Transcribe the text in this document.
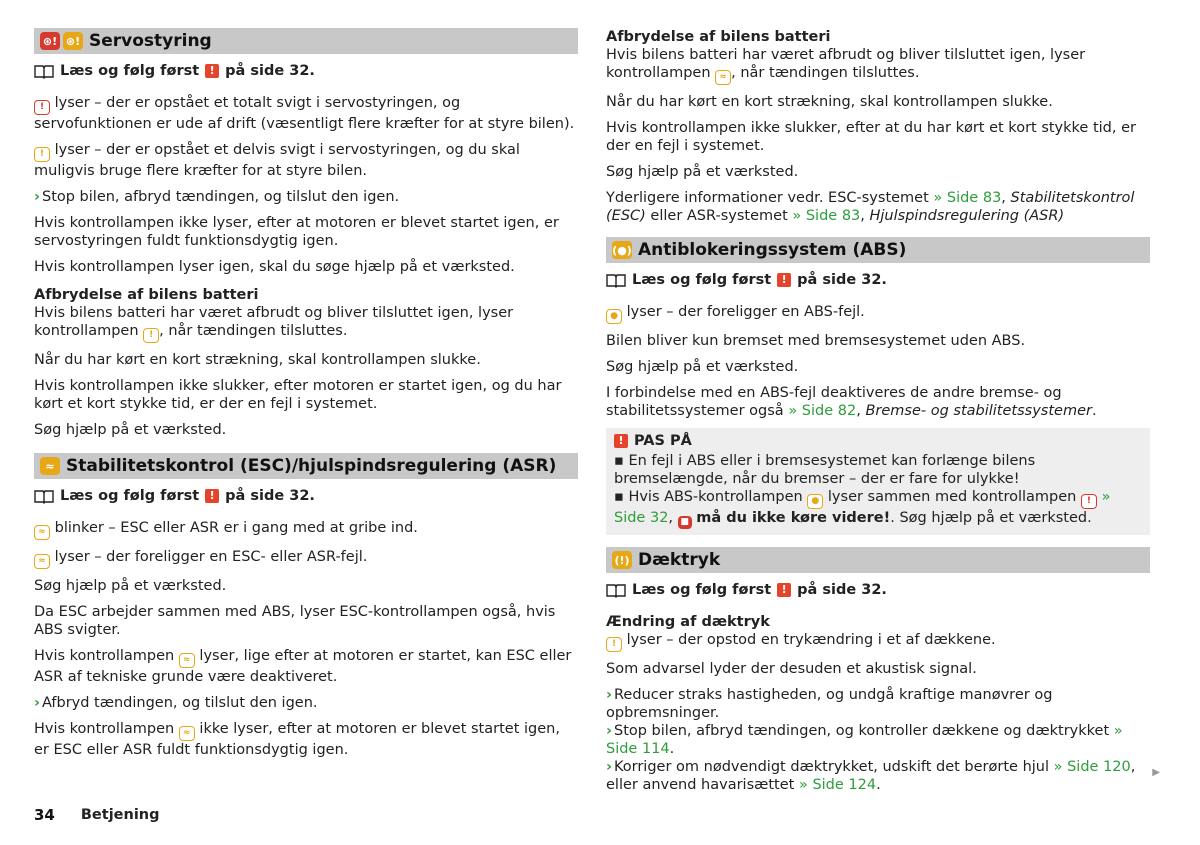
⊛! ⊛! Servostyring
Læs og følg først ! på side 32.

! lyser – der er opstået et totalt svigt i servostyringen, og servofunktionen er ude af drift (væsentligt flere kræfter for at styre bilen).

! lyser – der er opstået et delvis svigt i servostyringen, og du skal muligvis bruge flere kræfter for at styre bilen.

› Stop bilen, afbryd tændingen, og tilslut den igen.

Hvis kontrollampen ikke lyser, efter at motoren er blevet startet igen, er servostyringen fuldt funktionsdygtig igen.

Hvis kontrollampen lyser igen, skal du søge hjælp på et værksted.

Afbrydelse af bilens batteri

Hvis bilens batteri har været afbrudt og bliver tilsluttet igen, lyser kontrollampen ! , når tændingen tilsluttes.

Når du har kørt en kort strækning, skal kontrollampen slukke.

Hvis kontrollampen ikke slukker, efter motoren er startet igen, og du har kørt et kort stykke tid, er der en fejl i systemet.

Søg hjælp på et værksted.

≈ Stabilitetskontrol (ESC)/hjulspindsregulering (ASR)
Læs og følg først ! på side 32.

≈ blinker – ESC eller ASR er i gang med at gribe ind.

≈ lyser – der foreligger en ESC- eller ASR-fejl.

Søg hjælp på et værksted.

Da ESC arbejder sammen med ABS, lyser ESC-kontrollampen også, hvis ABS svigter.

Hvis kontrollampen ≈ lyser, lige efter at motoren er startet, kan ESC eller ASR af tekniske grunde være deaktiveret.

› Afbryd tændingen, og tilslut den igen.

Hvis kontrollampen ≈ ikke lyser, efter at motoren er blevet startet igen, er ESC eller ASR fuldt funktionsdygtig igen.

Afbrydelse af bilens batteri

Hvis bilens batteri har været afbrudt og bliver tilsluttet igen, lyser kontrollampen ≈ , når tændingen tilsluttes.

Når du har kørt en kort strækning, skal kontrollampen slukke.

Hvis kontrollampen ikke slukker, efter at du har kørt et kort stykke tid, er der en fejl i systemet.

Søg hjælp på et værksted.

Yderligere informationer vedr. ESC-systemet » Side 83, Stabilitetskontrol (ESC) eller ASR-systemet » Side 83, Hjulspindsregulering (ASR)

(●) Antiblokeringssystem (ABS)
Læs og følg først ! på side 32.

● lyser – der foreligger en ABS-fejl.

Bilen bliver kun bremset med bremsesystemet uden ABS.

Søg hjælp på et værksted.

I forbindelse med en ABS-fejl deaktiveres de andre bremse- og stabilitetssystemer også » Side 82, Bremse- og stabilitetssystemer.

! PAS PÅ

▪ En fejl i ABS eller i bremsesystemet kan forlænge bilens bremselængde, når du bremser – der er fare for ulykke!

▪ Hvis ABS-kontrollampen ● lyser sammen med kontrollampen ! » Side 32, ■ må du ikke køre videre!. Søg hjælp på et værksted.

(!) Dæktryk
Læs og følg først ! på side 32.

Ændring af dæktryk

! lyser – der opstod en trykændring i et af dækkene.

Som advarsel lyder der desuden et akustisk signal.

› Reducer straks hastigheden, og undgå kraftige manøvrer og opbremsninger.

› Stop bilen, afbryd tændingen, og kontroller dækkene og dæktrykket » Side 114.

› Korriger om nødvendigt dæktrykket, udskift det berørte hjul » Side 120, eller anvend havarisættet » Side 124.

▶
34 Betjening
